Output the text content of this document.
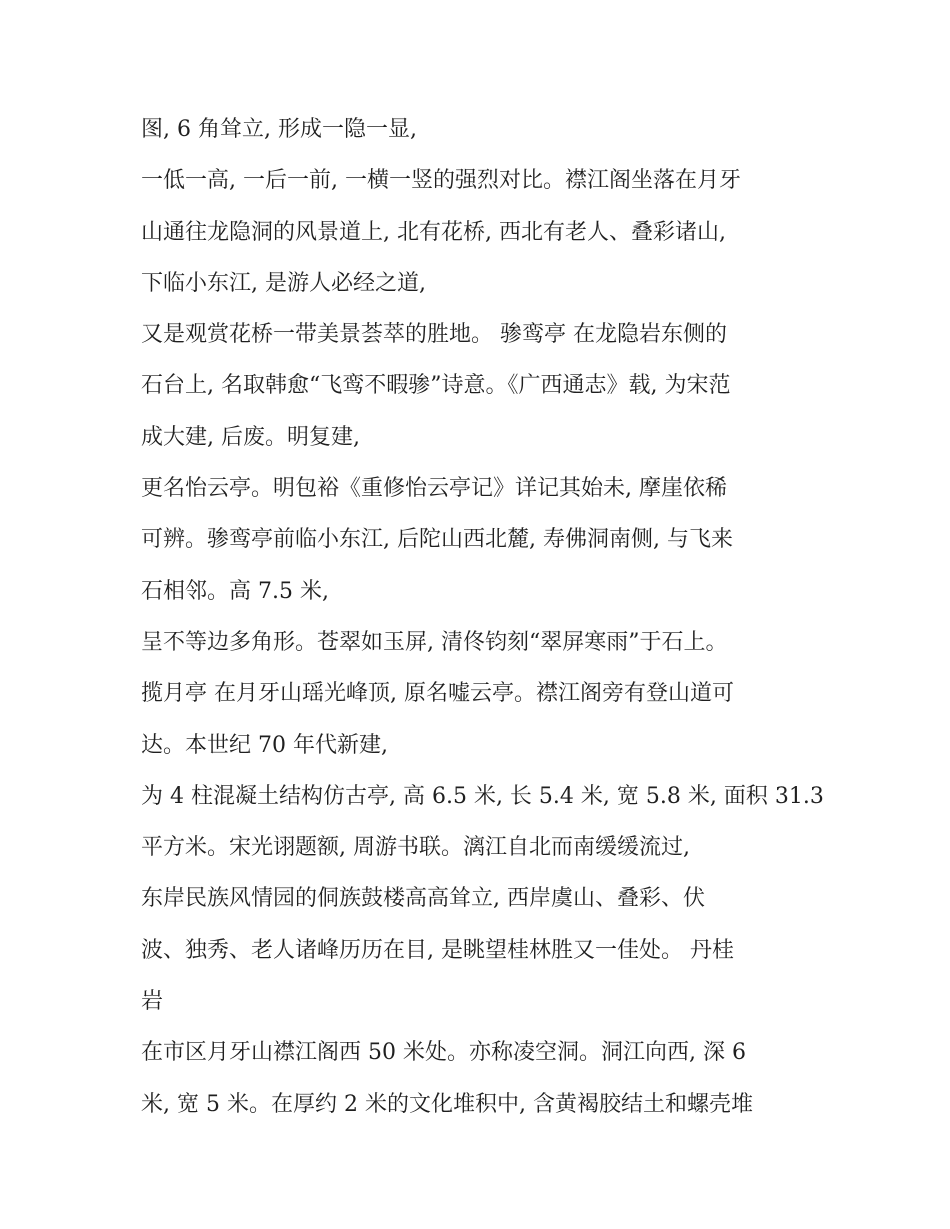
图, 6 角耸立, 形成一隐一显,
一低一高, 一后一前, 一横一竖的强烈对比。襟江阁坐落在月牙
山通往龙隐洞的风景道上, 北有花桥, 西北有老人、叠彩诸山,
下临小东江, 是游人必经之道,
又是观赏花桥一带美景荟萃的胜地。 骖鸾亭 在龙隐岩东侧的
石台上, 名取韩愈“飞鸾不暇骖”诗意。《广西通志》载, 为宋范
成大建, 后废。明复建,
更名怡云亭。明包裕《重修怡云亭记》详记其始未, 摩崖依稀
可辨。骖鸾亭前临小东江, 后陀山西北麓, 寿佛洞南侧, 与飞来
石相邻。高 7.5 米,
呈不等边多角形。苍翠如玉屏, 清佟钧刻“翠屏寒雨”于石上。
揽月亭 在月牙山瑶光峰顶, 原名嘘云亭。襟江阁旁有登山道可
达。本世纪 70 年代新建,
为 4 柱混凝土结构仿古亭, 高 6.5 米, 长 5.4 米, 宽 5.8 米, 面积 31.3
平方米。宋光诩题额, 周游书联。漓江自北而南缓缓流过,
东岸民族风情园的侗族鼓楼高高耸立, 西岸虞山、叠彩、伏
波、独秀、老人诸峰历历在目, 是眺望桂林胜又一佳处。 丹桂
岩
在市区月牙山襟江阁西 50 米处。亦称凌空洞。洞江向西, 深 6
米, 宽 5 米。在厚约 2 米的文化堆积中, 含黄褐胶结土和螺壳堆
